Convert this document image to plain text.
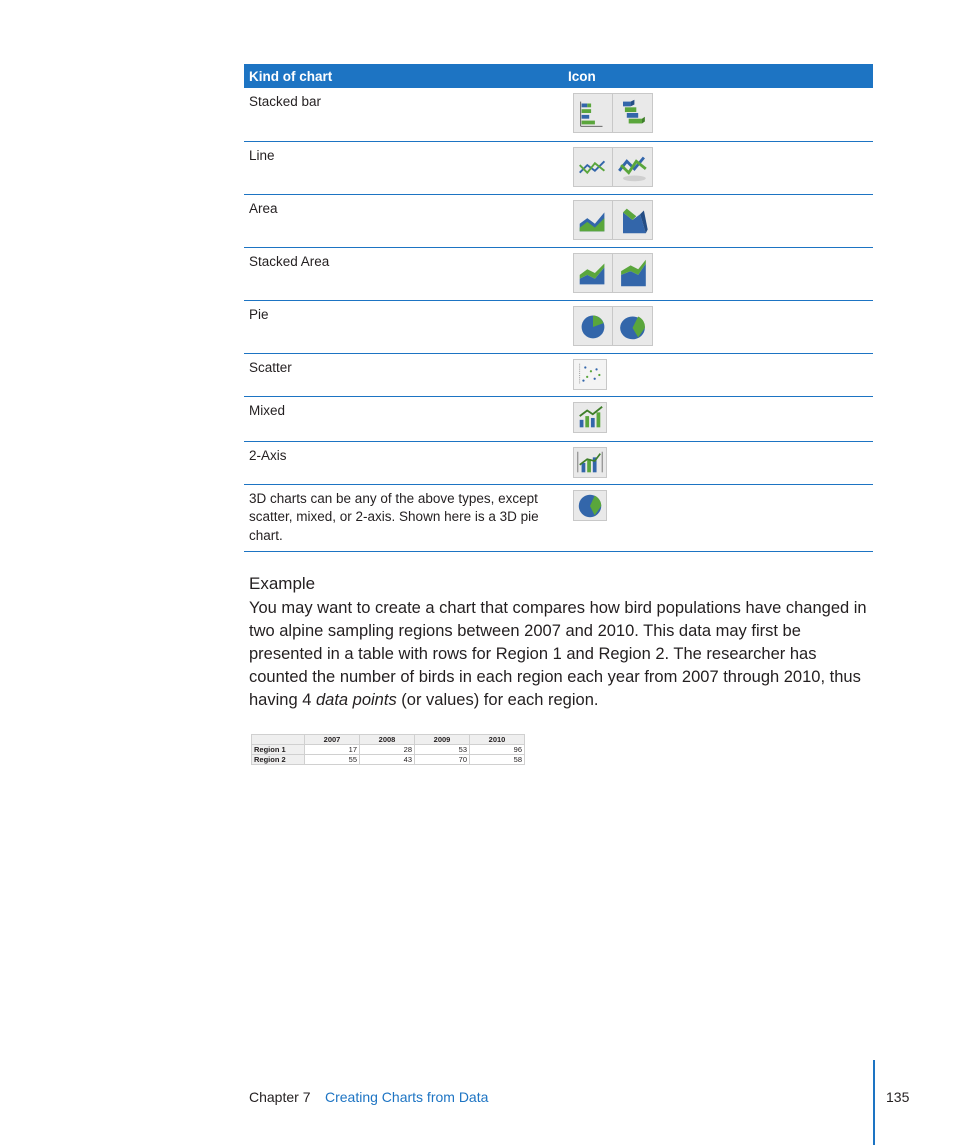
Kind of chart	Icon
Stacked bar	

Line	

Area	

Stacked Area	

Pie	

Scatter	

Mixed	

2-Axis	

3D charts can be any of the above types, except scatter, mixed, or 2-axis. Shown here is a 3D pie chart.	
Example

You may want to create a chart that compares how bird populations have changed in two alpine sampling regions between 2007 and 2010. This data may first be presented in a table with rows for Region 1 and Region 2. The researcher has counted the number of birds in each region each year from 2007 through 2010, thus having 4 data points (or values) for each region.

	2007	2008	2009	2010
Region 1	17	28	53	96
Region 2	55	43	70	58
Chapter 7 Creating Charts from Data	135
